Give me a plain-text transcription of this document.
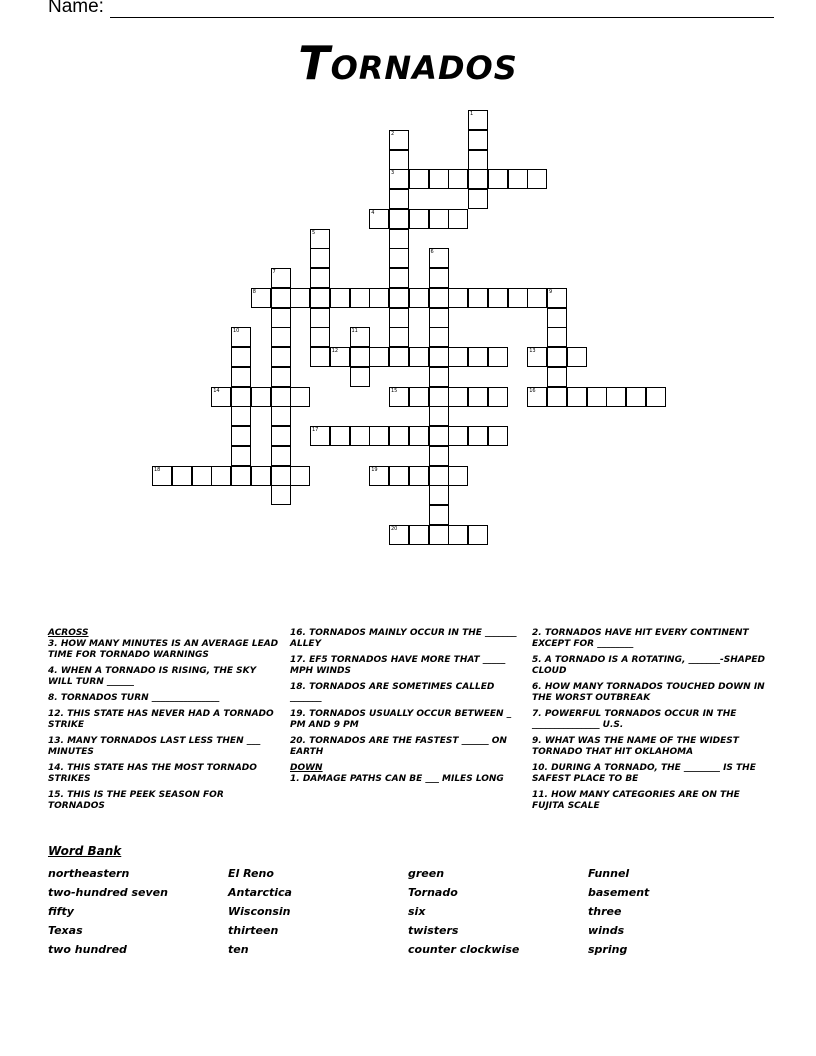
Name:
Tornados
1
2
3
4
5
6
7
8	9
10	11
12	13
14	15	16
17
18	19
20
ACROSS
3. HOW MANY MINUTES IS AN AVERAGE LEAD TIME FOR TORNADO WARNINGS
4. WHEN A TORNADO IS RISING, THE SKY WILL TURN ______
8. TORNADOS TURN _______________
12. THIS STATE HAS NEVER HAD A TORNADO STRIKE
13. MANY TORNADOS LAST LESS THEN ___ MINUTES
14. THIS STATE HAS THE MOST TORNADO STRIKES
15. THIS IS THE PEEK SEASON FOR TORNADOS
16. TORNADOS MAINLY OCCUR IN THE _______ ALLEY
17. EF5 TORNADOS HAVE MORE THAT _____ MPH WINDS
18. TORNADOS ARE SOMETIMES CALLED _______
19. TORNADOS USUALLY OCCUR BETWEEN _ PM AND 9 PM
20. TORNADOS ARE THE FASTEST ______ ON EARTH
DOWN
1. DAMAGE PATHS CAN BE ___ MILES LONG
2. TORNADOS HAVE HIT EVERY CONTINENT EXCEPT FOR ________
5. A TORNADO IS A ROTATING, _______-SHAPED CLOUD
6. HOW MANY TORNADOS TOUCHED DOWN IN THE WORST OUTBREAK
7. POWERFUL TORNADOS OCCUR IN THE _______________ U.S.
9. WHAT WAS THE NAME OF THE WIDEST TORNADO THAT HIT OKLAHOMA
10. DURING A TORNADO, THE ________ IS THE SAFEST PLACE TO BE
11. HOW MANY CATEGORIES ARE ON THE FUJITA SCALE
Word Bank
northeastern
two-hundred seven
fifty
Texas
two hundred
El Reno
Antarctica
Wisconsin
thirteen
ten
green
Tornado
six
twisters
counter clockwise
Funnel
basement
three
winds
spring
